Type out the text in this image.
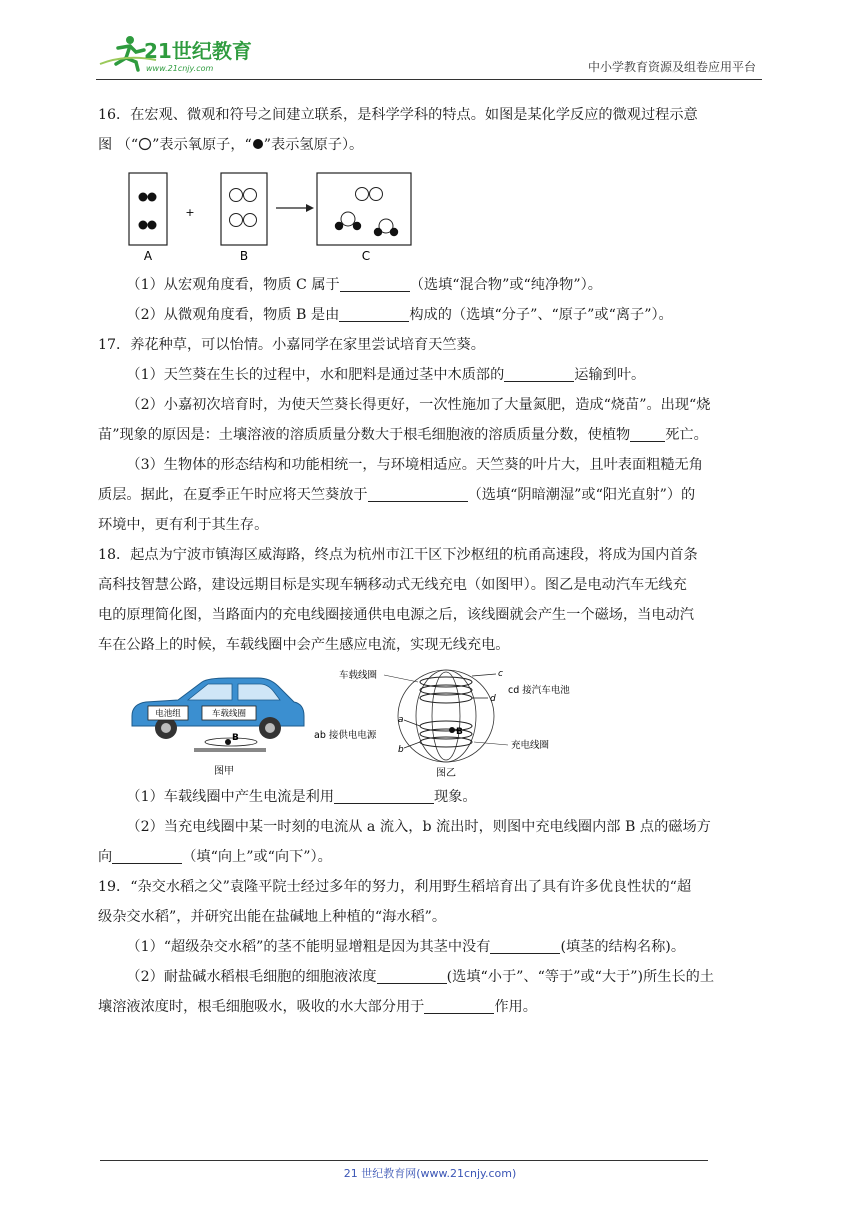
21世纪教育
www.21cnjy.com	中小学教育资源及组卷应用平台

16．在宏观、微观和符号之间建立联系，是科学学科的特点。如图是某化学反应的微观过程示意

图 （“ ”表示氧原子，“ ”表示氢原子）。

A
+
B	C

（1）从宏观角度看，物质 C 属于	（选填“混合物”或“纯净物”）。

（2）从微观角度看，物质 B 是由	构成的（选填“分子”、“原子”或“离子”）。

17．养花种草，可以怡情。小嘉同学在家里尝试培育天竺葵。

（1）天竺葵在生长的过程中，水和肥料是通过茎中木质部的	运输到叶。

（2）小嘉初次培育时，为使天竺葵长得更好，一次性施加了大量氮肥，造成“烧苗”。出现“烧

苗”现象的原因是：土壤溶液的溶质质量分数大于根毛细胞液的溶质质量分数，使植物 死亡。

（3）生物体的形态结构和功能相统一，与环境相适应。天竺葵的叶片大，且叶表面粗糙无角

质层。据此，在夏季正午时应将天竺葵放于	（选填“阴暗潮湿”或“阳光直射”）的

环境中，更有利于其生存。

18．起点为宁波市镇海区威海路，终点为杭州市江干区下沙枢纽的杭甬高速段，将成为国内首条

高科技智慧公路，建设远期目标是实现车辆移动式无线充电（如图甲）。图乙是电动汽车无线充

电的原理简化图，当路面内的充电线圈接通供电电源之后，该线圈就会产生一个磁场，当电动汽

车在公路上的时候，车载线圈中会产生感应电流，实现无线充电。

电池组	车载线圈
B
图甲
B
c
d
a
b
车载线圈
cd 接汽车电池
ab 接供电电源
充电线圈
图乙

（1）车载线圈中产生电流是利用	现象。

（2）当充电线圈中某一时刻的电流从 a 流入，b 流出时，则图中充电线圈内部 B 点的磁场方

向	（填“向上”或“向下”）。

19．“杂交水稻之父”袁隆平院士经过多年的努力，利用野生稻培育出了具有许多优良性状的“超

级杂交水稻”，并研究出能在盐碱地上种植的“海水稻”。

（1）“超级杂交水稻”的茎不能明显增粗是因为其茎中没有	(填茎的结构名称)。

（2）耐盐碱水稻根毛细胞的细胞液浓度	(选填“小于”、“等于”或“大于”)所生长的土

壤溶液浓度时，根毛细胞吸水，吸收的水大部分用于	作用。

21 世纪教育网(www.21cnjy.com)
